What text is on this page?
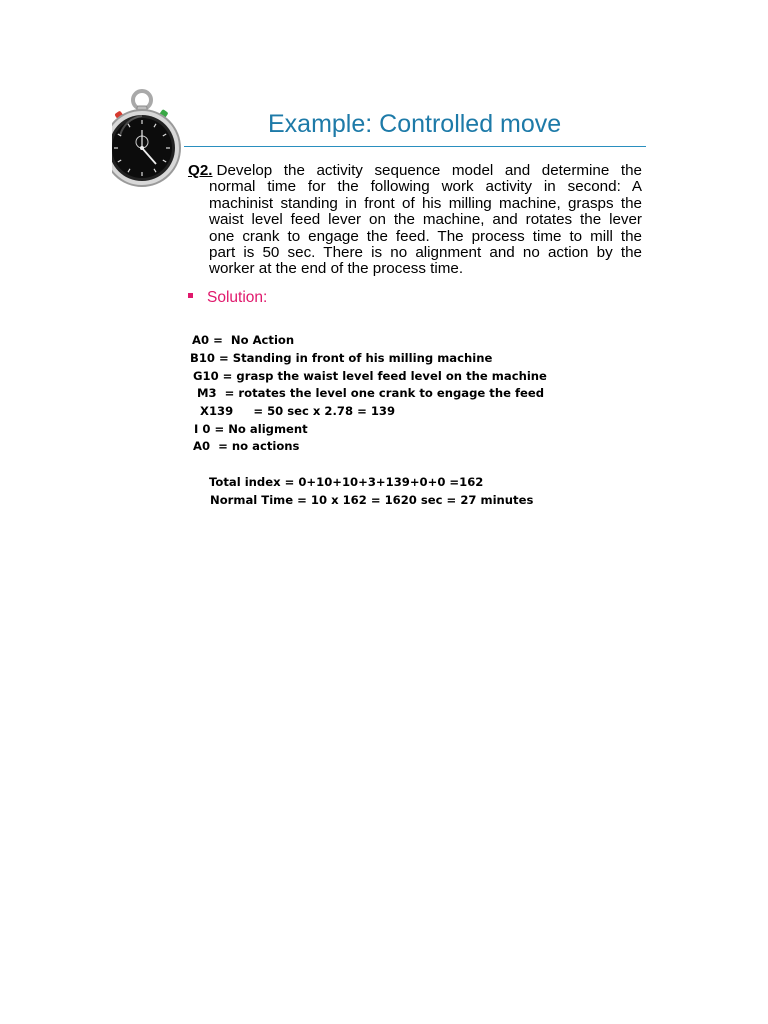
Example: Controlled move
Q2. Develop the activity sequence model and determine the
normal time for the following work activity in second: A
machinist standing in front of his milling machine, grasps the
waist level feed lever on the machine, and rotates the lever
one crank to engage the feed. The process time to mill the
part is 50 sec. There is no alignment and no action by the
worker at the end of the process time.
Solution:

A0 =  No Action

B10 = Standing in front of his milling machine

G10 = grasp the waist level feed level on the machine

M3  = rotates the level one crank to engage the feed

X139     = 50 sec x 2.78 = 139

I 0 = No aligment

A0  = no actions

Total index = 0+10+10+3+139+0+0 =162

Normal Time = 10 x 162 = 1620 sec = 27 minutes
